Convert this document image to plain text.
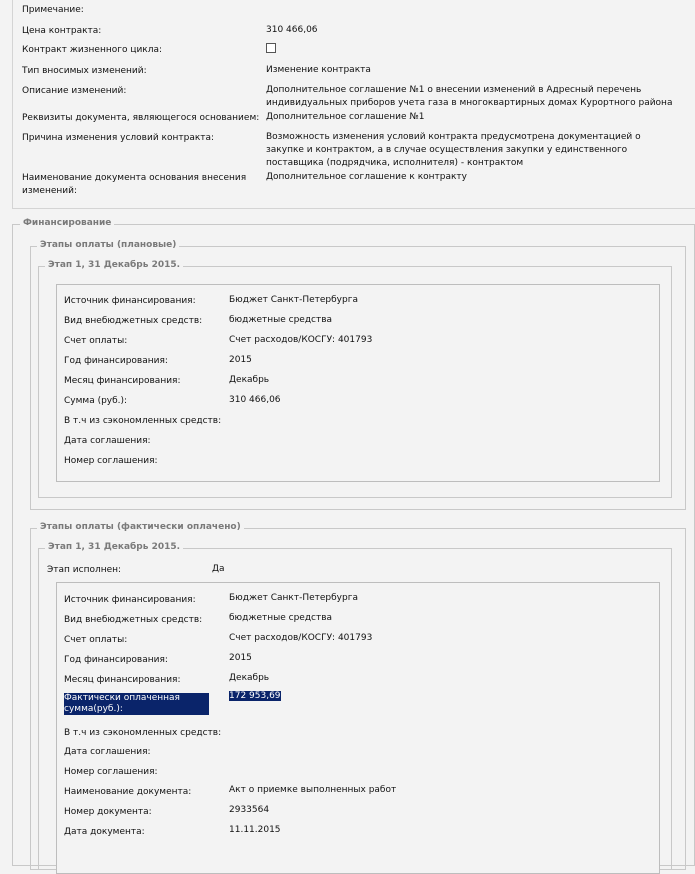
Примечание:
Цена контракта:	310 466,06
Контракт жизненного цикла:
Тип вносимых изменений:	Изменение контракта
Описание изменений:	Дополнительное соглашение №1 о внесении изменений в Адресный перечень индивидуальных приборов учета газа в многоквартирных домах Курортного района
Реквизиты документа, являющегося основанием: Дополнительное соглашение №1
Причина изменения условий контракта:	Возможность изменения условий контракта предусмотрена документацией о закупке и контрактом, а в случае осуществления закупки у единственного поставщика (подрядчика, исполнителя) - контрактом
Наименование документа основания внесения изменений:
Дополнительное соглашение к контракту
Финансирование
Этапы оплаты (плановые)
Этап 1, 31 Декабрь 2015.
Источник финансирования:	Бюджет Санкт-Петербурга
Вид внебюджетных средств:	бюджетные средства
Счет оплаты:	Счет расходов/КОСГУ: 401793
Год финансирования:	2015
Месяц финансирования:	Декабрь
Сумма (руб.):	310 466,06
В т.ч из сэкономленных средств:
Дата соглашения:
Номер соглашения:
Этапы оплаты (фактически оплачено)
Этап 1, 31 Декабрь 2015.
Этап исполнен:	Да
Источник финансирования:	Бюджет Санкт-Петербурга
Вид внебюджетных средств:	бюджетные средства
Счет оплаты:	Счет расходов/КОСГУ: 401793
Год финансирования:	2015
Месяц финансирования:	Декабрь
Фактически оплаченная сумма(руб.):
172 953,69
В т.ч из сэкономленных средств:
Дата соглашения:
Номер соглашения:
Наименование документа:	Акт о приемке выполненных работ
Номер документа:	2933564
Дата документа:	11.11.2015
